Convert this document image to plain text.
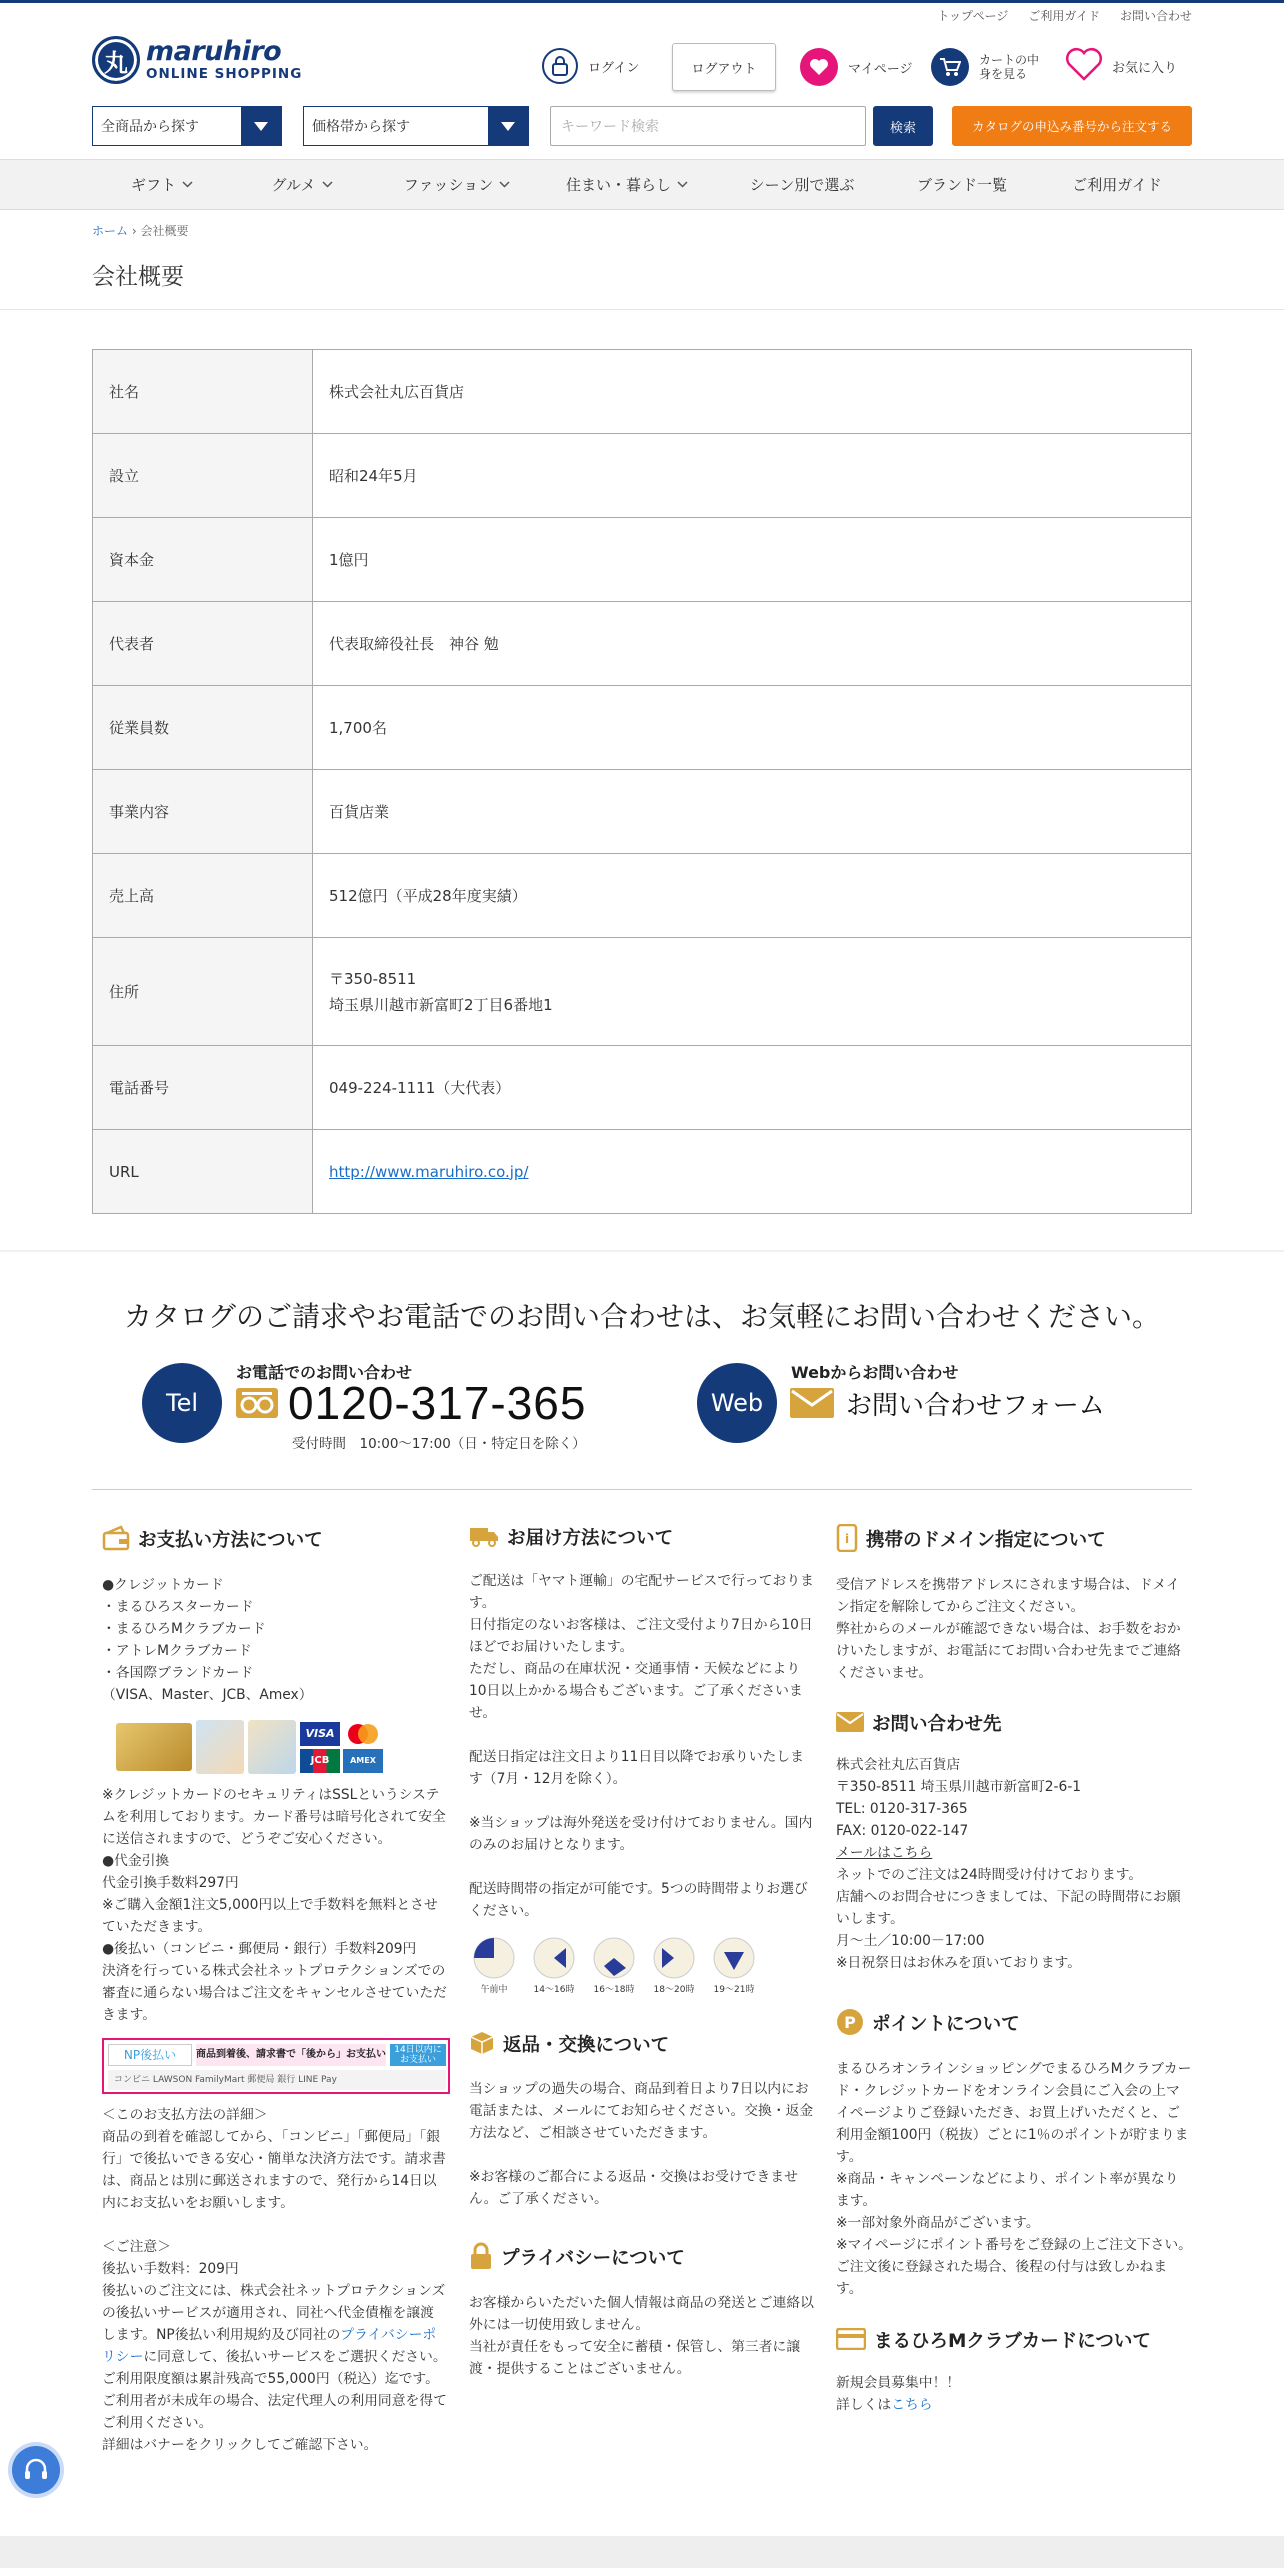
トップページ ご利用ガイド お問い合わせ
丸 maruhiro
ONLINE SHOPPING	ログイン	ログアウト	マイページ
カートの中身を見る	お気に入り
全商品から探す	価格帯から探す	キーワード検索	検索	カタログの申込み番号から注文する
ギフト	グルメ	ファッション	住まい・暮らし	シーン別で選ぶ	ブランド一覧	ご利用ガイド
ホーム › 会社概要
会社概要
社名	株式会社丸広百貨店
設立	昭和24年5月
資本金	1億円
代表者	代表取締役社長　神谷 勉
従業員数	1,700名
事業内容	百貨店業
売上高	512億円（平成28年度実績）
住所	〒350-8511
埼玉県川越市新富町2丁目6番地1
電話番号	049-224-1111（大代表）
URL	http://www.maruhiro.co.jp/
カタログのご請求やお電話でのお問い合わせは、お気軽にお問い合わせください。
Tel
お電話でのお問い合わせ
0120-317-365
受付時間　10:00～17:00（日・特定日を除く）
Web
Webからお問い合わせ
お問い合わせフォーム
お支払い方法について

●クレジットカード
・まるひろスターカード
・まるひろMクラブカード
・アトレMクラブカード
・各国際ブランドカード
（VISA、Master、JCB、Amex）

VISA
JCB	AMEX

※クレジットカードのセキュリティはSSLというシステムを利用しております。カード番号は暗号化されて安全に送信されますので、どうぞご安心ください。
●代金引換
代金引換手数料297円
※ご購入金額1注文5,000円以上で手数料を無料とさせていただきます。
●後払い（コンビニ・郵便局・銀行）手数料209円
決済を行っている株式会社ネットプロテクションズでの審査に通らない場合はご注文をキャンセルさせていただきます。

NP後払い	商品到着後、請求書で「後から」お支払い 14日以内にお支払い
コンビニ LAWSON FamilyMart 郵便局 銀行 LINE Pay

＜このお支払方法の詳細＞
商品の到着を確認してから、「コンビニ」「郵便局」「銀行」で後払いできる安心・簡単な決済方法です。請求書は、商品とは別に郵送されますので、発行から14日以内にお支払いをお願いします。

＜ご注意＞
後払い手数料：209円
後払いのご注文には、株式会社ネットプロテクションズの後払いサービスが適用され、同社へ代金債権を譲渡します。NP後払い利用規約及び同社のプライバシーポリシーに同意して、後払いサービスをご選択ください。
ご利用限度額は累計残高で55,000円（税込）迄です。
ご利用者が未成年の場合、法定代理人の利用同意を得てご利用ください。
詳細はバナーをクリックしてご確認下さい。

お届け方法について

ご配送は「ヤマト運輸」の宅配サービスで行っております。
日付指定のないお客様は、ご注文受付より7日から10日ほどでお届けいたします。
ただし、商品の在庫状況・交通事情・天候などにより10日以上かかる場合もございます。ご了承くださいませ。

配送日指定は注文日より11日目以降でお承りいたします（7月・12月を除く）。

※当ショップは海外発送を受け付けておりません。国内のみのお届けとなります。

配送時間帯の指定が可能です。5つの時間帯よりお選びください。

午前中	14〜16時 16〜18時 18〜20時 19〜21時
返品・交換について

当ショップの過失の場合、商品到着日より7日以内にお電話または、メールにてお知らせください。交換・返金方法など、ご相談させていただきます。

※お客様のご都合による返品・交換はお受けできません。ご了承ください。

プライバシーについて

お客様からいただいた個人情報は商品の発送とご連絡以外には一切使用致しません。
当社が責任をもって安全に蓄積・保管し、第三者に譲渡・提供することはございません。

i 携帯のドメイン指定について

受信アドレスを携帯アドレスにされます場合は、ドメイン指定を解除してからご注文ください。
弊社からのメールが確認できない場合は、お手数をおかけいたしますが、お電話にてお問い合わせ先までご連絡くださいませ。

お問い合わせ先

株式会社丸広百貨店
〒350-8511 埼玉県川越市新富町2-6-1
TEL: 0120-317-365
FAX: 0120-022-147

メールはこちら

ネットでのご注文は24時間受け付けております。
店舗へのお問合せにつきましては、下記の時間帯にお願いします。
月～土／10:00－17:00
※日祝祭日はお休みを頂いております。

P ポイントについて

まるひろオンラインショッピングでまるひろMクラブカード・クレジットカードをオンライン会員にご入会の上マイページよりご登録いただき、お買上げいただくと、ご利用金額100円（税抜）ごとに1％のポイントが貯まります。
※商品・キャンペーンなどにより、ポイント率が異なります。
※一部対象外商品がございます。
※マイページにポイント番号をご登録の上ご注文下さい。ご注文後に登録された場合、後程の付与は致しかねます。

まるひろMクラブカードについて

新規会員募集中！！
詳しくはこちら
